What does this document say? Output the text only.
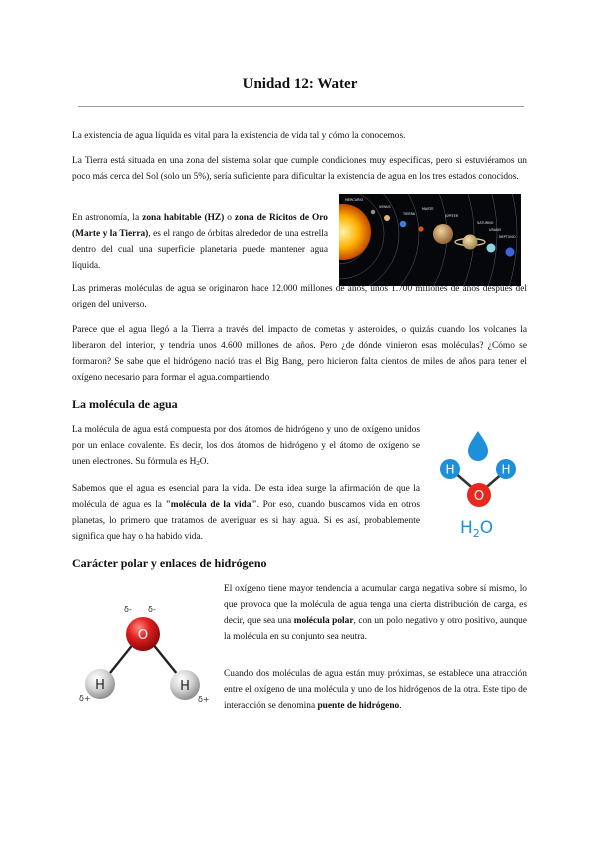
Unidad 12: Water
La existencia de agua líquida es vital para la existencia de vida tal y cómo la conocemos.
La Tierra está situada en una zona del sistema solar que cumple condiciones muy específicas, pero si estuviéramos un poco más cerca del Sol (solo un 5%), sería suficiente para dificultar la existencia de agua en los tres estados conocidos.
En astronomía, la zona habitable (HZ) o zona de Ricitos de Oro (Marte y la Tierra), es el rango de órbitas alrededor de una estrella dentro del cual una superficie planetaria puede mantener agua líquida.
MERCURIO
VENUS
TIERRA
MARTE
JÚPITER
SATURNO
URANO
NEPTUNO
Las primeras moléculas de agua se originaron hace 12.000 millones de años, unos 1.700 millones de años después del origen del universo.
Parece que el agua llegó a la Tierra a través del impacto de cometas y asteroides, o quizás cuando los volcanes la liberaron del interior, y tendría unos 4.600 millones de años. Pero ¿de dónde vinieron esas moléculas? ¿Cómo se formaron? Se sabe que el hidrógeno nació tras el Big Bang, pero hicieron falta cientos de miles de años para tener el oxígeno necesario para formar el agua.compartiendo
La molécula de agua
La molécula de agua está compuesta por dos átomos de hidrógeno y uno de oxígeno unidos por un enlace covalente. Es decir, los dos átomos de hidrógeno y el átomo de oxígeno se unen electrones. Su fórmula es $H_2O$.
Sabemos que el agua es esencial para la vida. De esta idea surge la afirmación de que la molécula de agua es la "molécula de la vida". Por eso, cuando buscamos vida en otros planetas, lo primero que tratamos de averiguar es si hay agua. Si es así, probablemente significa que hay o ha habido vida.
H	H
O
$H_2O$
Carácter polar y enlaces de hidrógeno
O
H	H
δ- δ-
δ+	δ+
El oxígeno tiene mayor tendencia a acumular carga negativa sobre sí mismo, lo que provoca que la molécula de agua tenga una cierta distribución de carga, es decir, que sea una molécula polar, con un polo negativo y otro positivo, aunque la molécula en su conjunto sea neutra.
Cuando dos moléculas de agua están muy próximas, se establece una atracción entre el oxígeno de una molécula y uno de los hidrógenos de la otra. Este tipo de interacción se denomina puente de hidrógeno.
